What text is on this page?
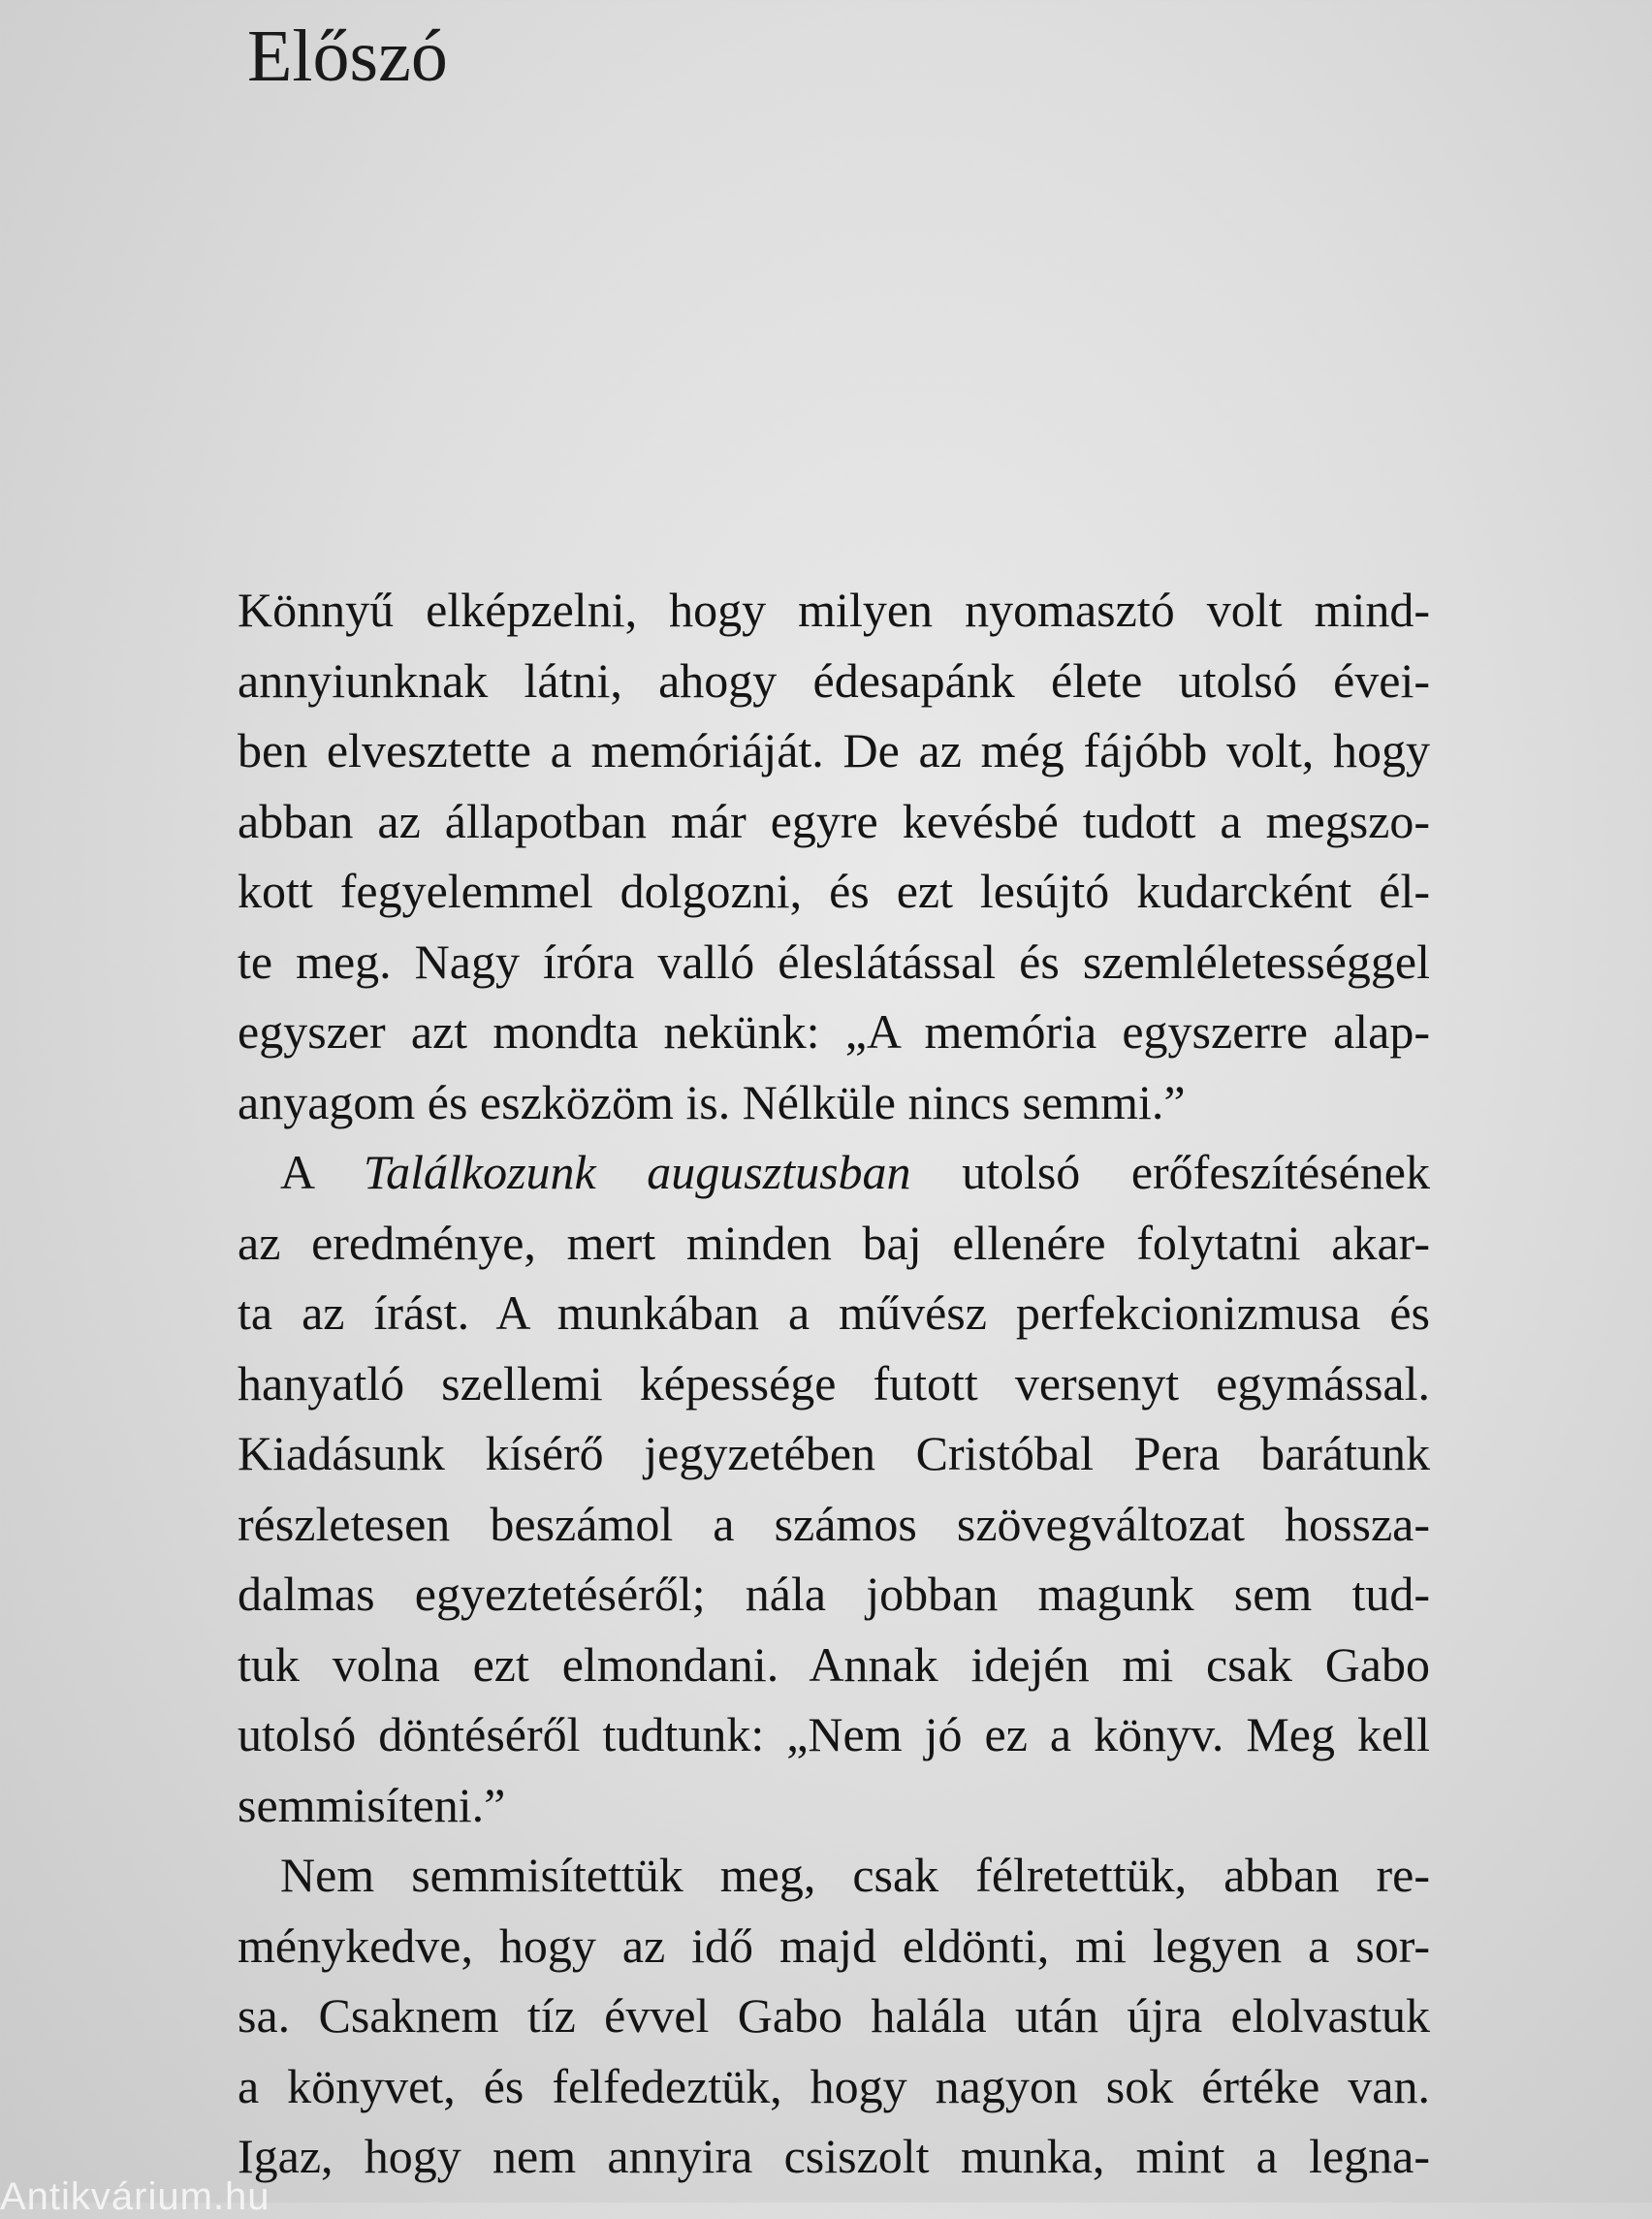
Előszó
Könnyű elképzelni, hogy milyen nyomasztó volt mind-
annyiunknak látni, ahogy édesapánk élete utolsó évei-
ben elvesztette a memóriáját. De az még fájóbb volt, hogy
abban az állapotban már egyre kevésbé tudott a megszo-
kott fegyelemmel dolgozni, és ezt lesújtó kudarcként él-
te meg. Nagy íróra valló éleslátással és szemléletességgel
egyszer azt mondta nekünk: „A memória egyszerre alap-
anyagom és eszközöm is. Nélküle nincs semmi.”
A Találkozunk augusztusban utolsó erőfeszítésének
az eredménye, mert minden baj ellenére folytatni akar-
ta az írást. A munkában a művész perfekcionizmusa és
hanyatló szellemi képessége futott versenyt egymással.
Kiadásunk kísérő jegyzetében Cristóbal Pera barátunk
részletesen beszámol a számos szövegváltozat hossza-
dalmas egyeztetéséről; nála jobban magunk sem tud-
tuk volna ezt elmondani. Annak idején mi csak Gabo
utolsó döntéséről tudtunk: „Nem jó ez a könyv. Meg kell
semmisíteni.”
Nem semmisítettük meg, csak félretettük, abban re-
ménykedve, hogy az idő majd eldönti, mi legyen a sor-
sa. Csaknem tíz évvel Gabo halála után újra elolvastuk
a könyvet, és felfedeztük, hogy nagyon sok értéke van.
Igaz, hogy nem annyira csiszolt munka, mint a legna-
Antikvárium.hu
